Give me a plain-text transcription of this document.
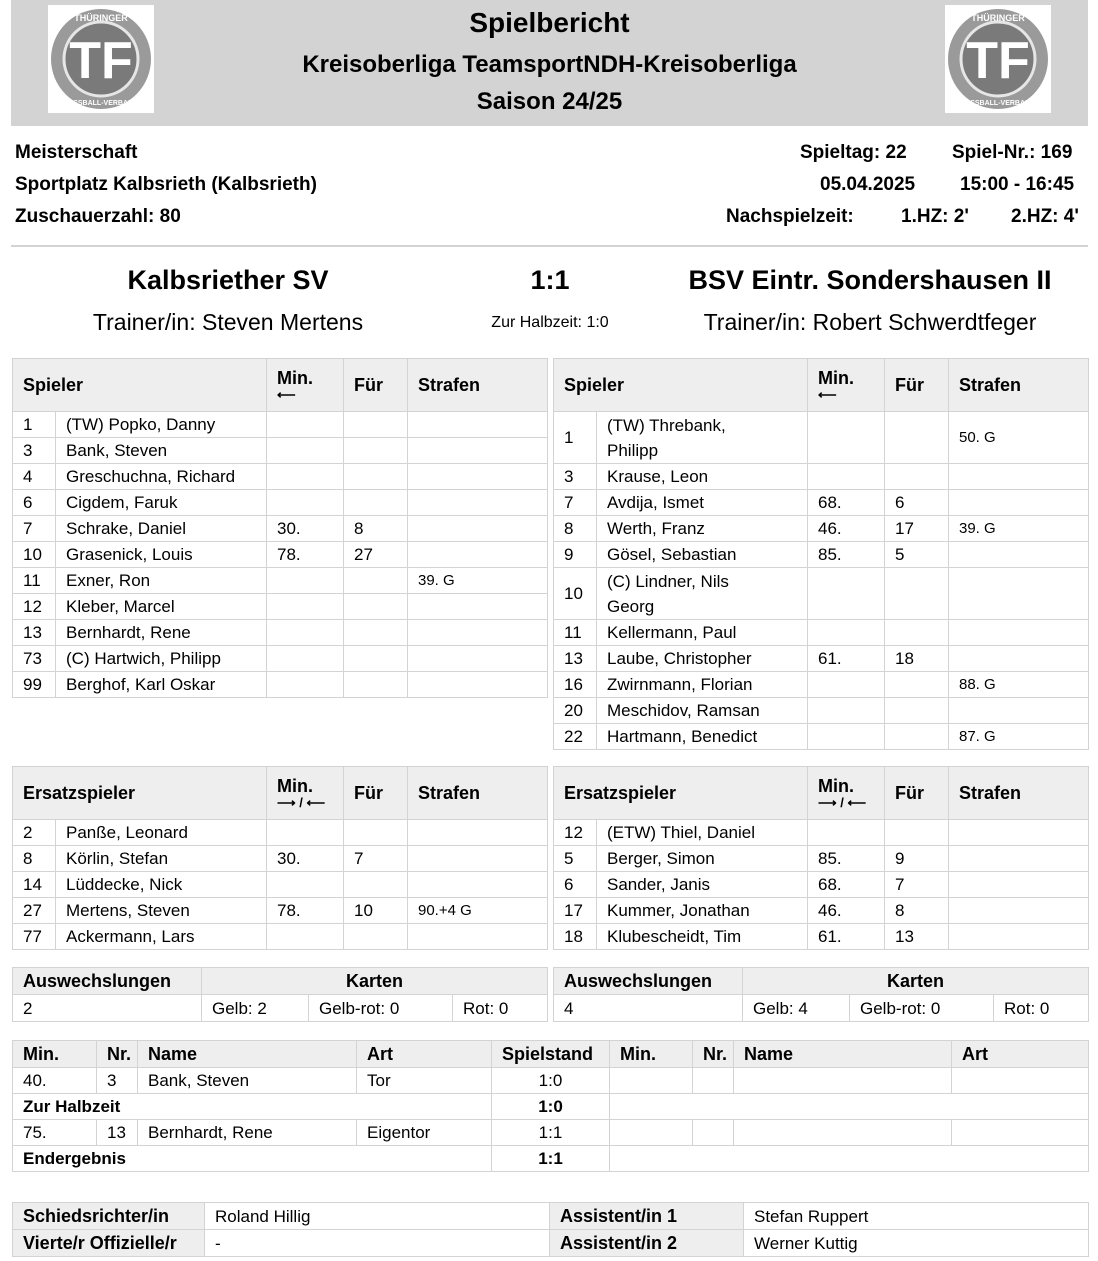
Spielbericht
Kreisoberliga TeamsportNDH-Kreisoberliga
Saison 24/25
TF
THÜRINGER
FUSSBALL-VERBAND
TF
THÜRINGER
FUSSBALL-VERBAND
Meisterschaft
Sportplatz Kalbsrieth (Kalbsrieth)
Zuschauerzahl: 80
Spieltag: 22 Spiel-Nr.: 169
05.04.2025 15:00 - 16:45
Nachspielzeit: 1.HZ: 2' 2.HZ: 4'
Kalbsriether SV	1:1	BSV Eintr. Sondershausen II
Trainer/in: Steven Mertens	Zur Halbzeit: 1:0	Trainer/in: Robert Schwerdtfeger
Spieler		Min.
⟵	Für	Strafen
1	(TW) Popko, Danny			

3	Bank, Steven			

4	Greschuchna, Richard			

6	Cigdem, Faruk			

7	Schrake, Daniel	30.	8	
10	Grasenick, Louis	78.	27	
11	Exner, Ron			39. G
12	Kleber, Marcel			

13	Bernhardt, Rene			

73	(C) Hartwich, Philipp			

99	Berghof, Karl Oskar			

Spieler		Min.
⟵	Für	Strafen
1	(TW) Threbank,
Philipp			50. G
3	Krause, Leon			

7	Avdija, Ismet	68.	6	
8	Werth, Franz	46.	17	39. G
9	Gösel, Sebastian	85.	5	
10	(C) Lindner, Nils
Georg			

11	Kellermann, Paul			

13	Laube, Christopher	61.	18	
16	Zwirnmann, Florian			88. G
20	Meschidov, Ramsan			

22	Hartmann, Benedict			87. G
Ersatzspieler		Min.
⟶ / ⟵	Für	Strafen
2	Panße, Leonard			

8	Körlin, Stefan	30.	7	
14	Lüddecke, Nick			

27	Mertens, Steven	78.	10	90.+4 G
77	Ackermann, Lars			

Ersatzspieler		Min.
⟶ / ⟵	Für	Strafen
12	(ETW) Thiel, Daniel			

5	Berger, Simon	85.	9	
6	Sander, Janis	68.	7	
17	Kummer, Jonathan	46.	8	
18	Klubescheidt, Tim	61.	13	
Auswechslungen	Karten		
2	Gelb: 2	Gelb-rot: 0	Rot: 0
Auswechslungen	Karten		
4	Gelb: 4	Gelb-rot: 0	Rot: 0
Min.	Nr.	Name	Art	Spielstand	Min.	Nr.	Name	Art
40.	3	Bank, Steven	Tor	1:0				
Zur Halbzeit				1:0				
75.	13	Bernhardt, Rene	Eigentor	1:1				
Endergebnis				1:1				
Schiedsrichter/in	Roland Hillig	Assistent/in 1	Stefan Ruppert
Vierte/r Offizielle/r	-	Assistent/in 2	Werner Kuttig
